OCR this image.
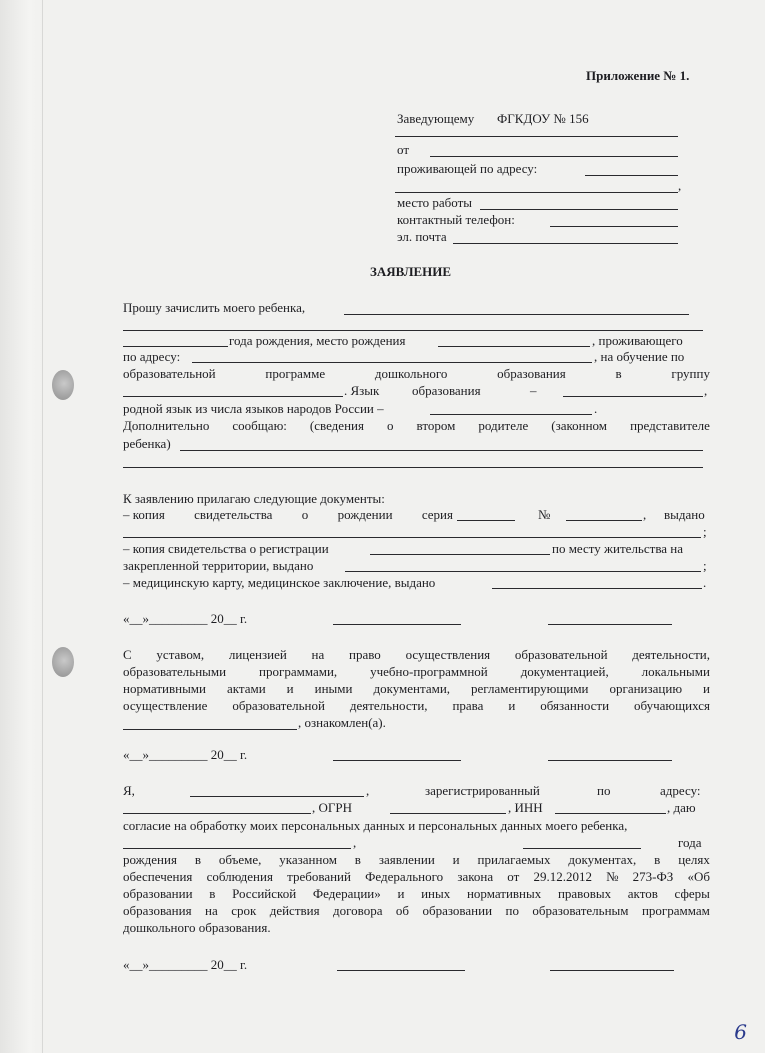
Приложение № 1.
Заведующему ФГКДОУ № 156
от
проживающей по адресу:
,
место работы
контактный телефон:
эл. почта
ЗАЯВЛЕНИЕ
Прошу зачислить моего ребенка,
года рождения, место рождения	, проживающего
по адресу:	, на обучение по
образовательной	программе	дошкольного	образования	в	группу
. Язык	образования	–	,
родной язык из числа языков народов России –	.
Дополнительно сообщаю: (сведения о втором родителе (законном представителе
ребенка)
К заявлению прилагаю следующие документы:
– копия свидетельства о рождении серия	№	, выдано
;
– копия свидетельства о регистрации	по месту жительства на
закрепленной территории, выдано	;
– медицинскую карту, медицинское заключение, выдано	.
«__»_________ 20__ г.
С уставом, лицензией на право осуществления образовательной деятельности,
образовательными	программами,	учебно-программной	документацией,	локальными
нормативными актами и иными документами, регламентирующими организацию и
осуществление образовательной деятельности, права и обязанности обучающихся
, ознакомлен(а).
«__»_________ 20__ г.
Я,	,	зарегистрированный	по	адресу:
, ОГРН	, ИНН	, даю
согласие на обработку моих персональных данных и персональных данных моего ребенка,
,	года
рождения в объеме, указанном в заявлении и прилагаемых документах, в целях
обеспечения соблюдения требований Федерального закона от 29.12.2012 № 273-ФЗ «Об
образовании в Российской Федерации» и иных нормативных правовых актов сферы
образования на срок действия договора об образовании по образовательным программам
дошкольного образования.
«__»_________ 20__ г.
6
